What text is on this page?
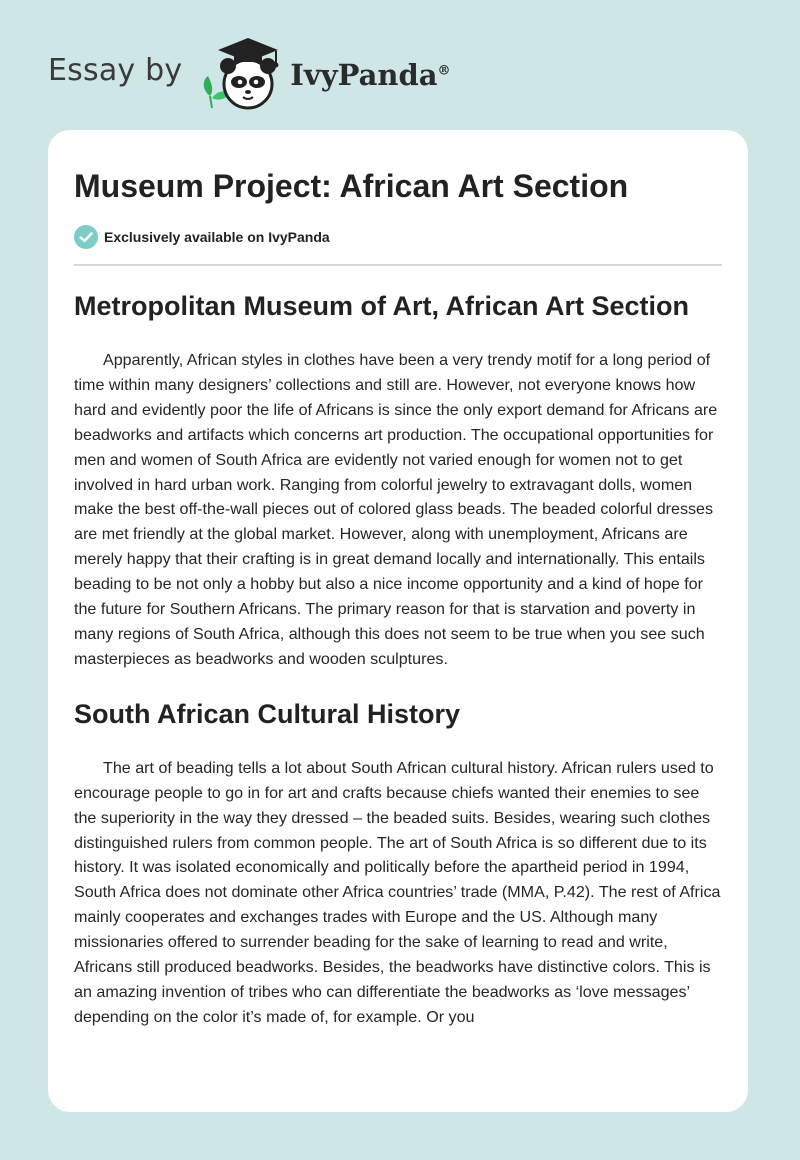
Essay by	IvyPanda®
Museum Project: African Art Section
Exclusively available on IvyPanda
Metropolitan Museum of Art, African Art Section

Apparently, African styles in clothes have been a very trendy motif for a long period of time within many designers’ collections and still are. However, not everyone knows how hard and evidently poor the life of Africans is since the only export demand for Africans are beadworks and artifacts which concerns art production. The occupational opportunities for men and women of South Africa are evidently not varied enough for women not to get involved in hard urban work. Ranging from colorful jewelry to extravagant dolls, women make the best off-the-wall pieces out of colored glass beads. The beaded colorful dresses are met friendly at the global market. However, along with unemployment, Africans are merely happy that their crafting is in great demand locally and internationally. This entails beading to be not only a hobby but also a nice income opportunity and a kind of hope for the future for Southern Africans. The primary reason for that is starvation and poverty in many regions of South Africa, although this does not seem to be true when you see such masterpieces as beadworks and wooden sculptures.

South African Cultural History

The art of beading tells a lot about South African cultural history. African rulers used to encourage people to go in for art and crafts because chiefs wanted their enemies to see the superiority in the way they dressed – the beaded suits. Besides, wearing such clothes distinguished rulers from common people. The art of South Africa is so different due to its history. It was isolated economically and politically before the apartheid period in 1994, South Africa does not dominate other Africa countries’ trade (MMA, P.42). The rest of Africa mainly cooperates and exchanges trades with Europe and the US. Although many missionaries offered to surrender beading for the sake of learning to read and write, Africans still produced beadworks. Besides, the beadworks have distinctive colors. This is an amazing invention of tribes who can differentiate the beadworks as ‘love messages’ depending on the color it’s made of, for example. Or you
